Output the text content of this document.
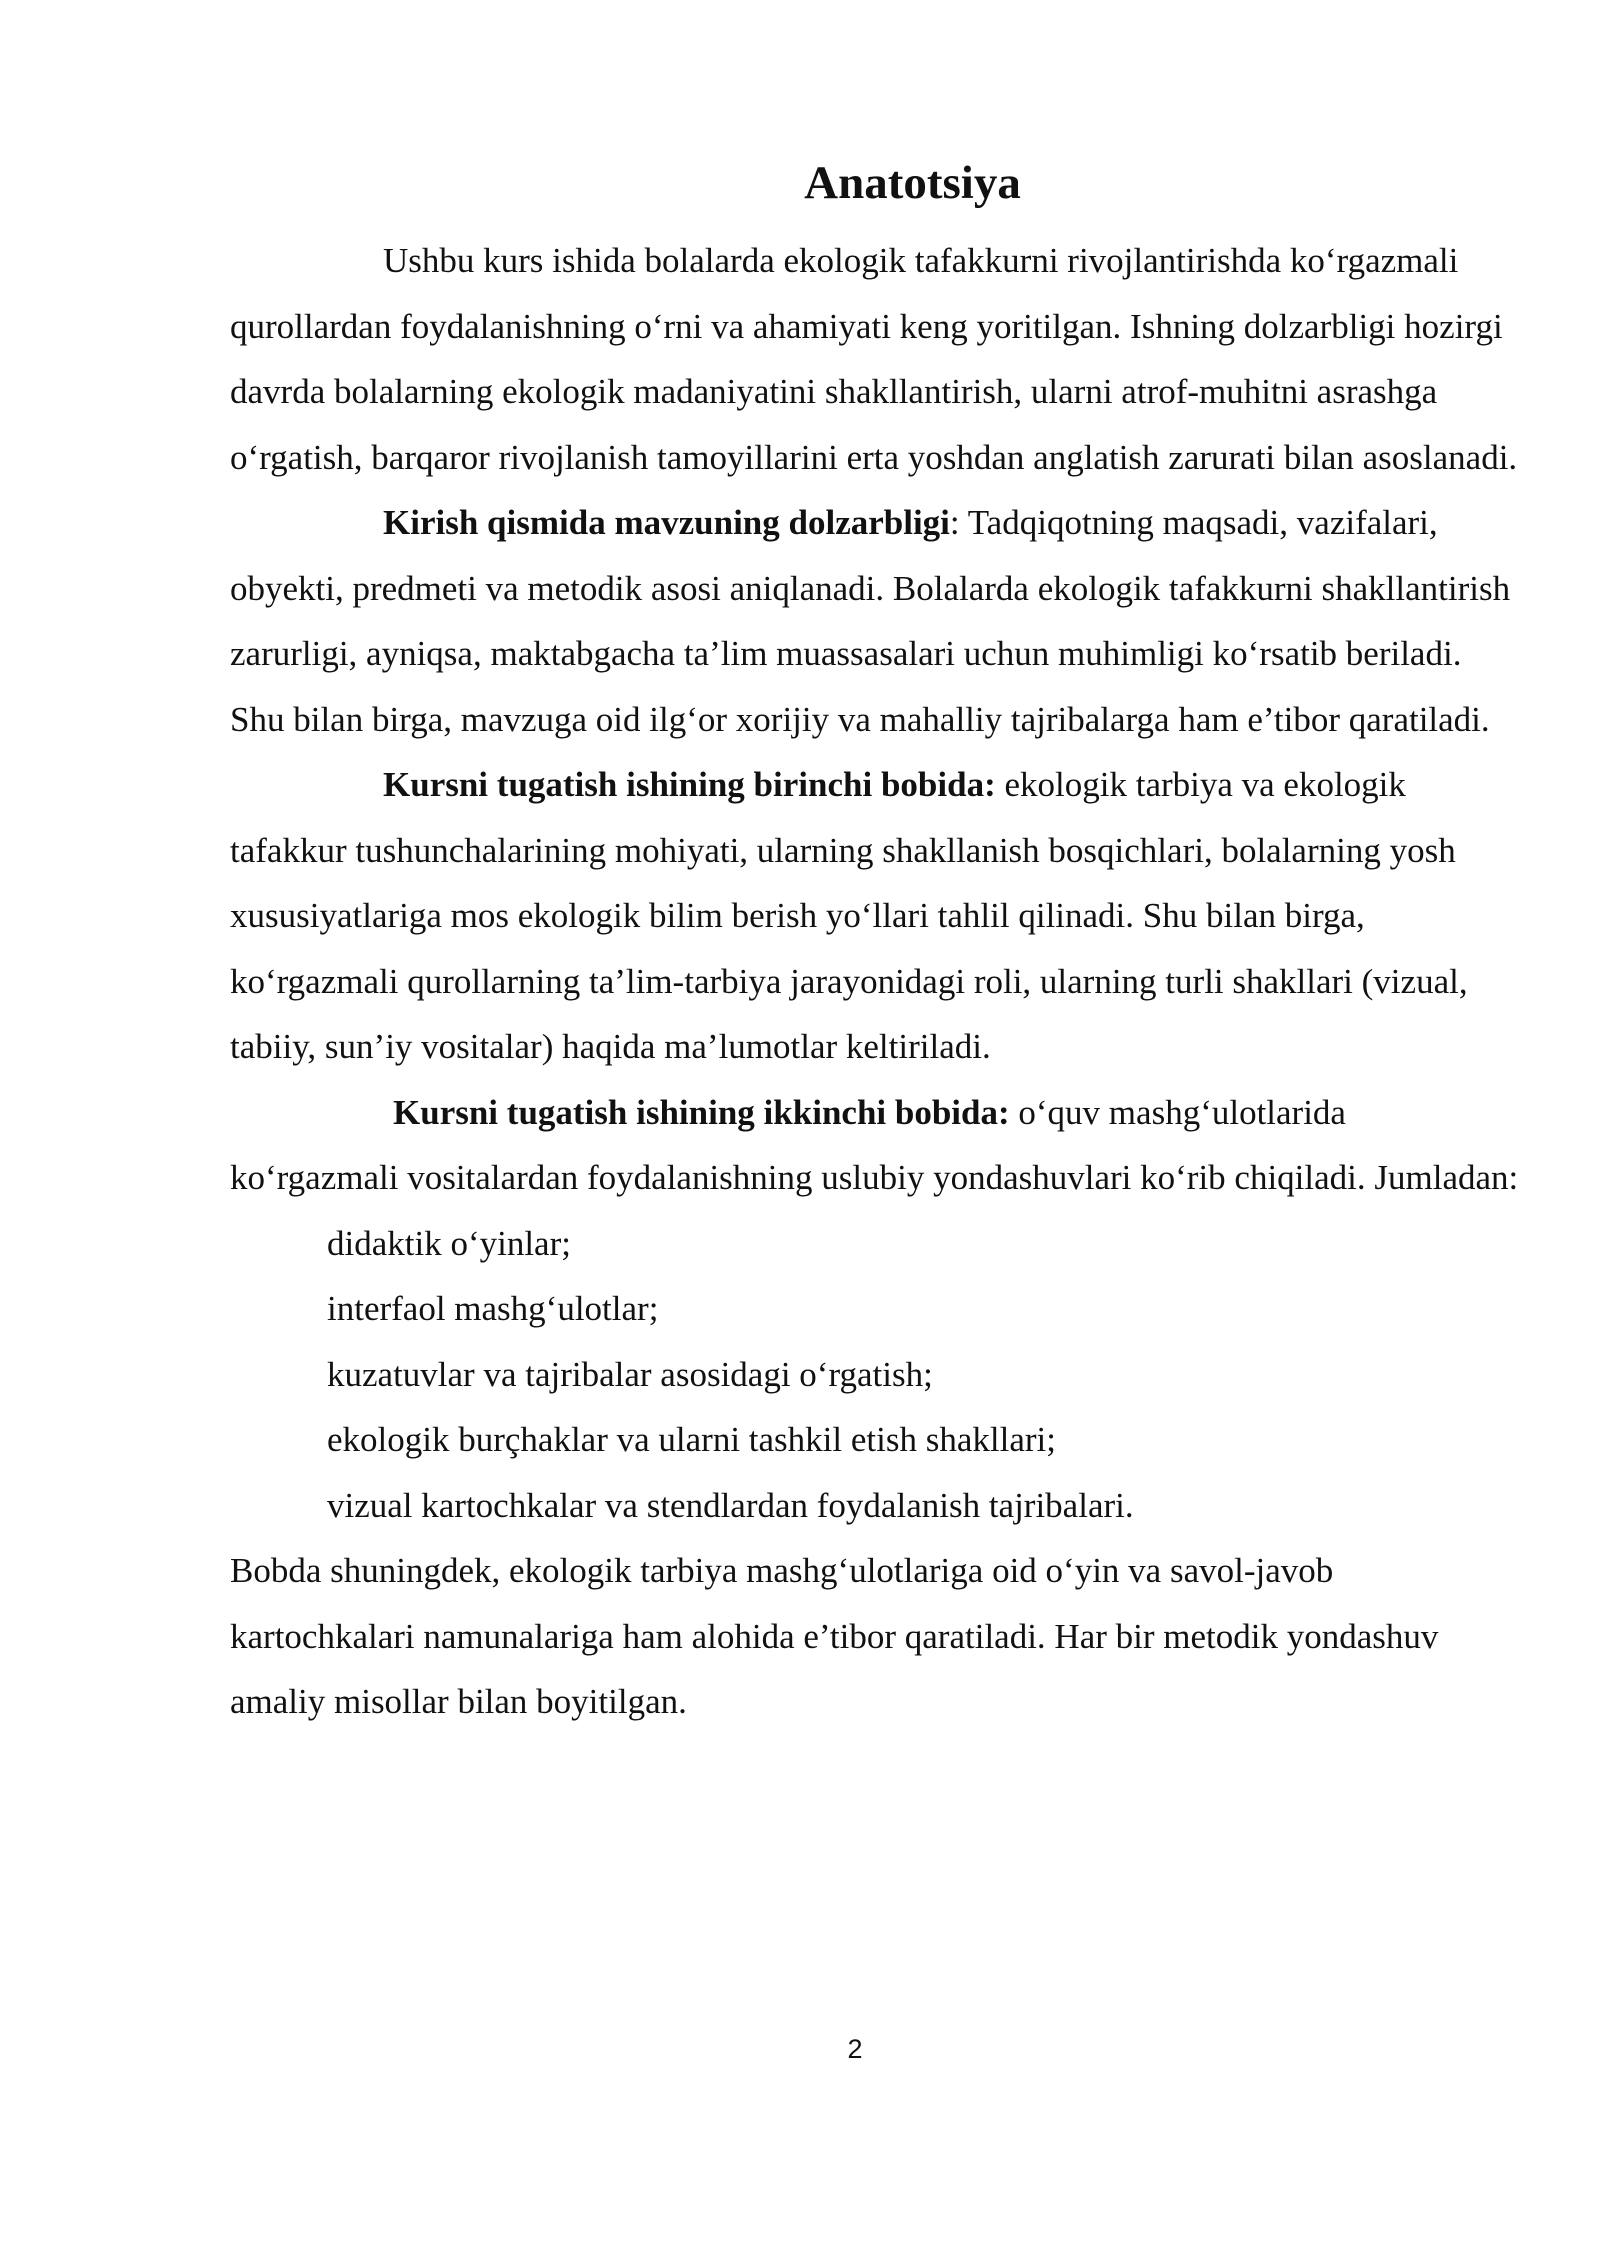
Anatotsiya

Ushbu kurs ishida bolalarda ekologik tafakkurni rivojlantirishda ko‘rgazmali qurollardan foydalanishning o‘rni va ahamiyati keng yoritilgan. Ishning dolzarbligi hozirgi davrda bolalarning ekologik madaniyatini shakllantirish, ularni atrof-muhitni asrashga o‘rgatish, barqaror rivojlanish tamoyillarini erta yoshdan anglatish zarurati bilan asoslanadi.

Kirish qismida mavzuning dolzarbligi: Tadqiqotning maqsadi, vazifalari, obyekti, predmeti va metodik asosi aniqlanadi. Bolalarda ekologik tafakkurni shakllantirish zarurligi, ayniqsa, maktabgacha ta’lim muassasalari uchun muhimligi ko‘rsatib beriladi. Shu bilan birga, mavzuga oid ilg‘or xorijiy va mahalliy tajribalarga ham e’tibor qaratiladi.

Kursni tugatish ishining birinchi bobida: ekologik tarbiya va ekologik tafakkur tushunchalarining mohiyati, ularning shakllanish bosqichlari, bolalarning yosh xususiyatlariga mos ekologik bilim berish yo‘llari tahlil qilinadi. Shu bilan birga, ko‘rgazmali qurollarning ta’lim-tarbiya jarayonidagi roli, ularning turli shakllari (vizual, tabiiy, sun’iy vositalar) haqida ma’lumotlar keltiriladi.

Kursni tugatish ishining ikkinchi bobida: o‘quv mashg‘ulotlarida ko‘rgazmali vositalardan foydalanishning uslubiy yondashuvlari ko‘rib chiqiladi. Jumladan:

didaktik o‘yinlar;
interfaol mashg‘ulotlar;
kuzatuvlar va tajribalar asosidagi o‘rgatish;
ekologik burçhaklar va ularni tashkil etish shakllari;
vizual kartochkalar va stendlardan foydalanish tajribalari.

Bobda shuningdek, ekologik tarbiya mashg‘ulotlariga oid o‘yin va savol-javob kartochkalari namunalariga ham alohida e’tibor qaratiladi. Har bir metodik yondashuv amaliy misollar bilan boyitilgan.

2
